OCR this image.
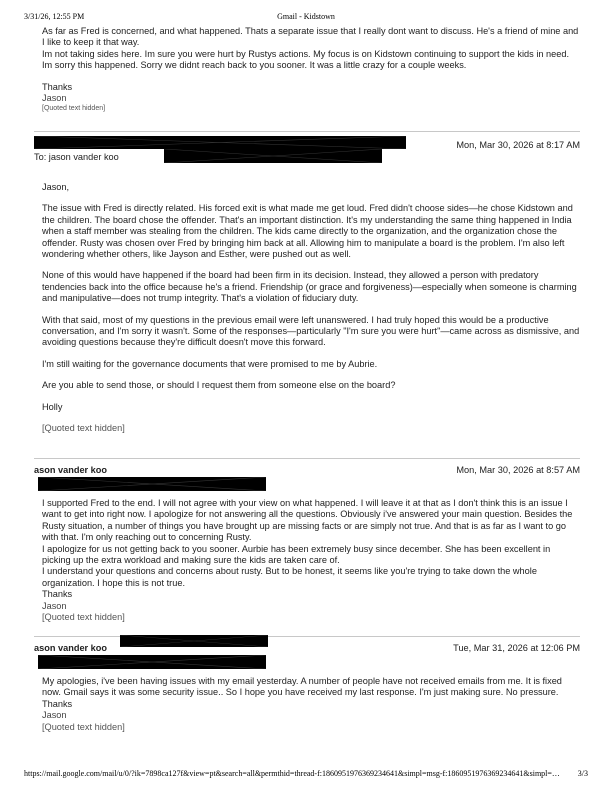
3/31/26, 12:55 PM	Gmail - Kidstown

As far as Fred is concerned, and what happened. Thats a separate issue that I really dont want to discuss. He's a friend of mine and I like to keep it that way.

Im not taking sides here. Im sure you were hurt by Rustys actions. My focus is on Kidstown continuing to support the kids in need. Im sorry this happened. Sorry we didnt reach back to you sooner. It was a little crazy for a couple weeks.

Thanks

Jason

[Quoted text hidden]

Mon, Mar 30, 2026 at 8:17 AM
To: jason vander koo

Jason,

The issue with Fred is directly related. His forced exit is what made me get loud. Fred didn't choose sides—he chose Kidstown and the children. The board chose the offender. That's an important distinction. It's my understanding the same thing happened in India when a staff member was stealing from the children. The kids came directly to the organization, and the organization chose the offender. Rusty was chosen over Fred by bringing him back at all. Allowing him to manipulate a board is the problem. I'm also left wondering whether others, like Jayson and Esther, were pushed out as well.

None of this would have happened if the board had been firm in its decision. Instead, they allowed a person with predatory tendencies back into the office because he's a friend. Friendship (or grace and forgiveness)—especially when someone is charming and manipulative—does not trump integrity. That's a violation of fiduciary duty.

With that said, most of my questions in the previous email were left unanswered. I had truly hoped this would be a productive conversation, and I'm sorry it wasn't. Some of the responses—particularly "I'm sure you were hurt"—came across as dismissive, and avoiding questions because they're difficult doesn't move this forward.

I'm still waiting for the governance documents that were promised to me by Aubrie.

Are you able to send those, or should I request them from someone else on the board?

Holly

[Quoted text hidden]

ason vander koo	Mon, Mar 30, 2026 at 8:57 AM

I supported Fred to the end. I will not agree with your view on what happened. I will leave it at that as I don't think this is an issue I want to get into right now. I apologize for not answering all the questions. Obviously i've answered your main question. Besides the Rusty situation, a number of things you have brought up are missing facts or are simply not true. And that is as far as I want to go with that. I'm only reaching out to concerning Rusty.

I apologize for us not getting back to you sooner. Aurbie has been extremely busy since december. She has been excellent in picking up the extra workload and making sure the kids are taken care of.

I understand your questions and concerns about rusty. But to be honest, it seems like you're trying to take down the whole organization. I hope this is not true.

Thanks

Jason

[Quoted text hidden]

ason vander koo	Tue, Mar 31, 2026 at 12:06 PM

My apologies, i've been having issues with my email yesterday. A number of people have not received emails from me. It is fixed now. Gmail says it was some security issue.. So I hope you have received my last response. I'm just making sure. No pressure.

Thanks

Jason

[Quoted text hidden]

https://mail.google.com/mail/u/0/?ik=7898ca127f&view=pt&search=all&permthid=thread-f:1860951976369234641&simpl=msg-f:1860951976369234641&simpl=…	3/3
